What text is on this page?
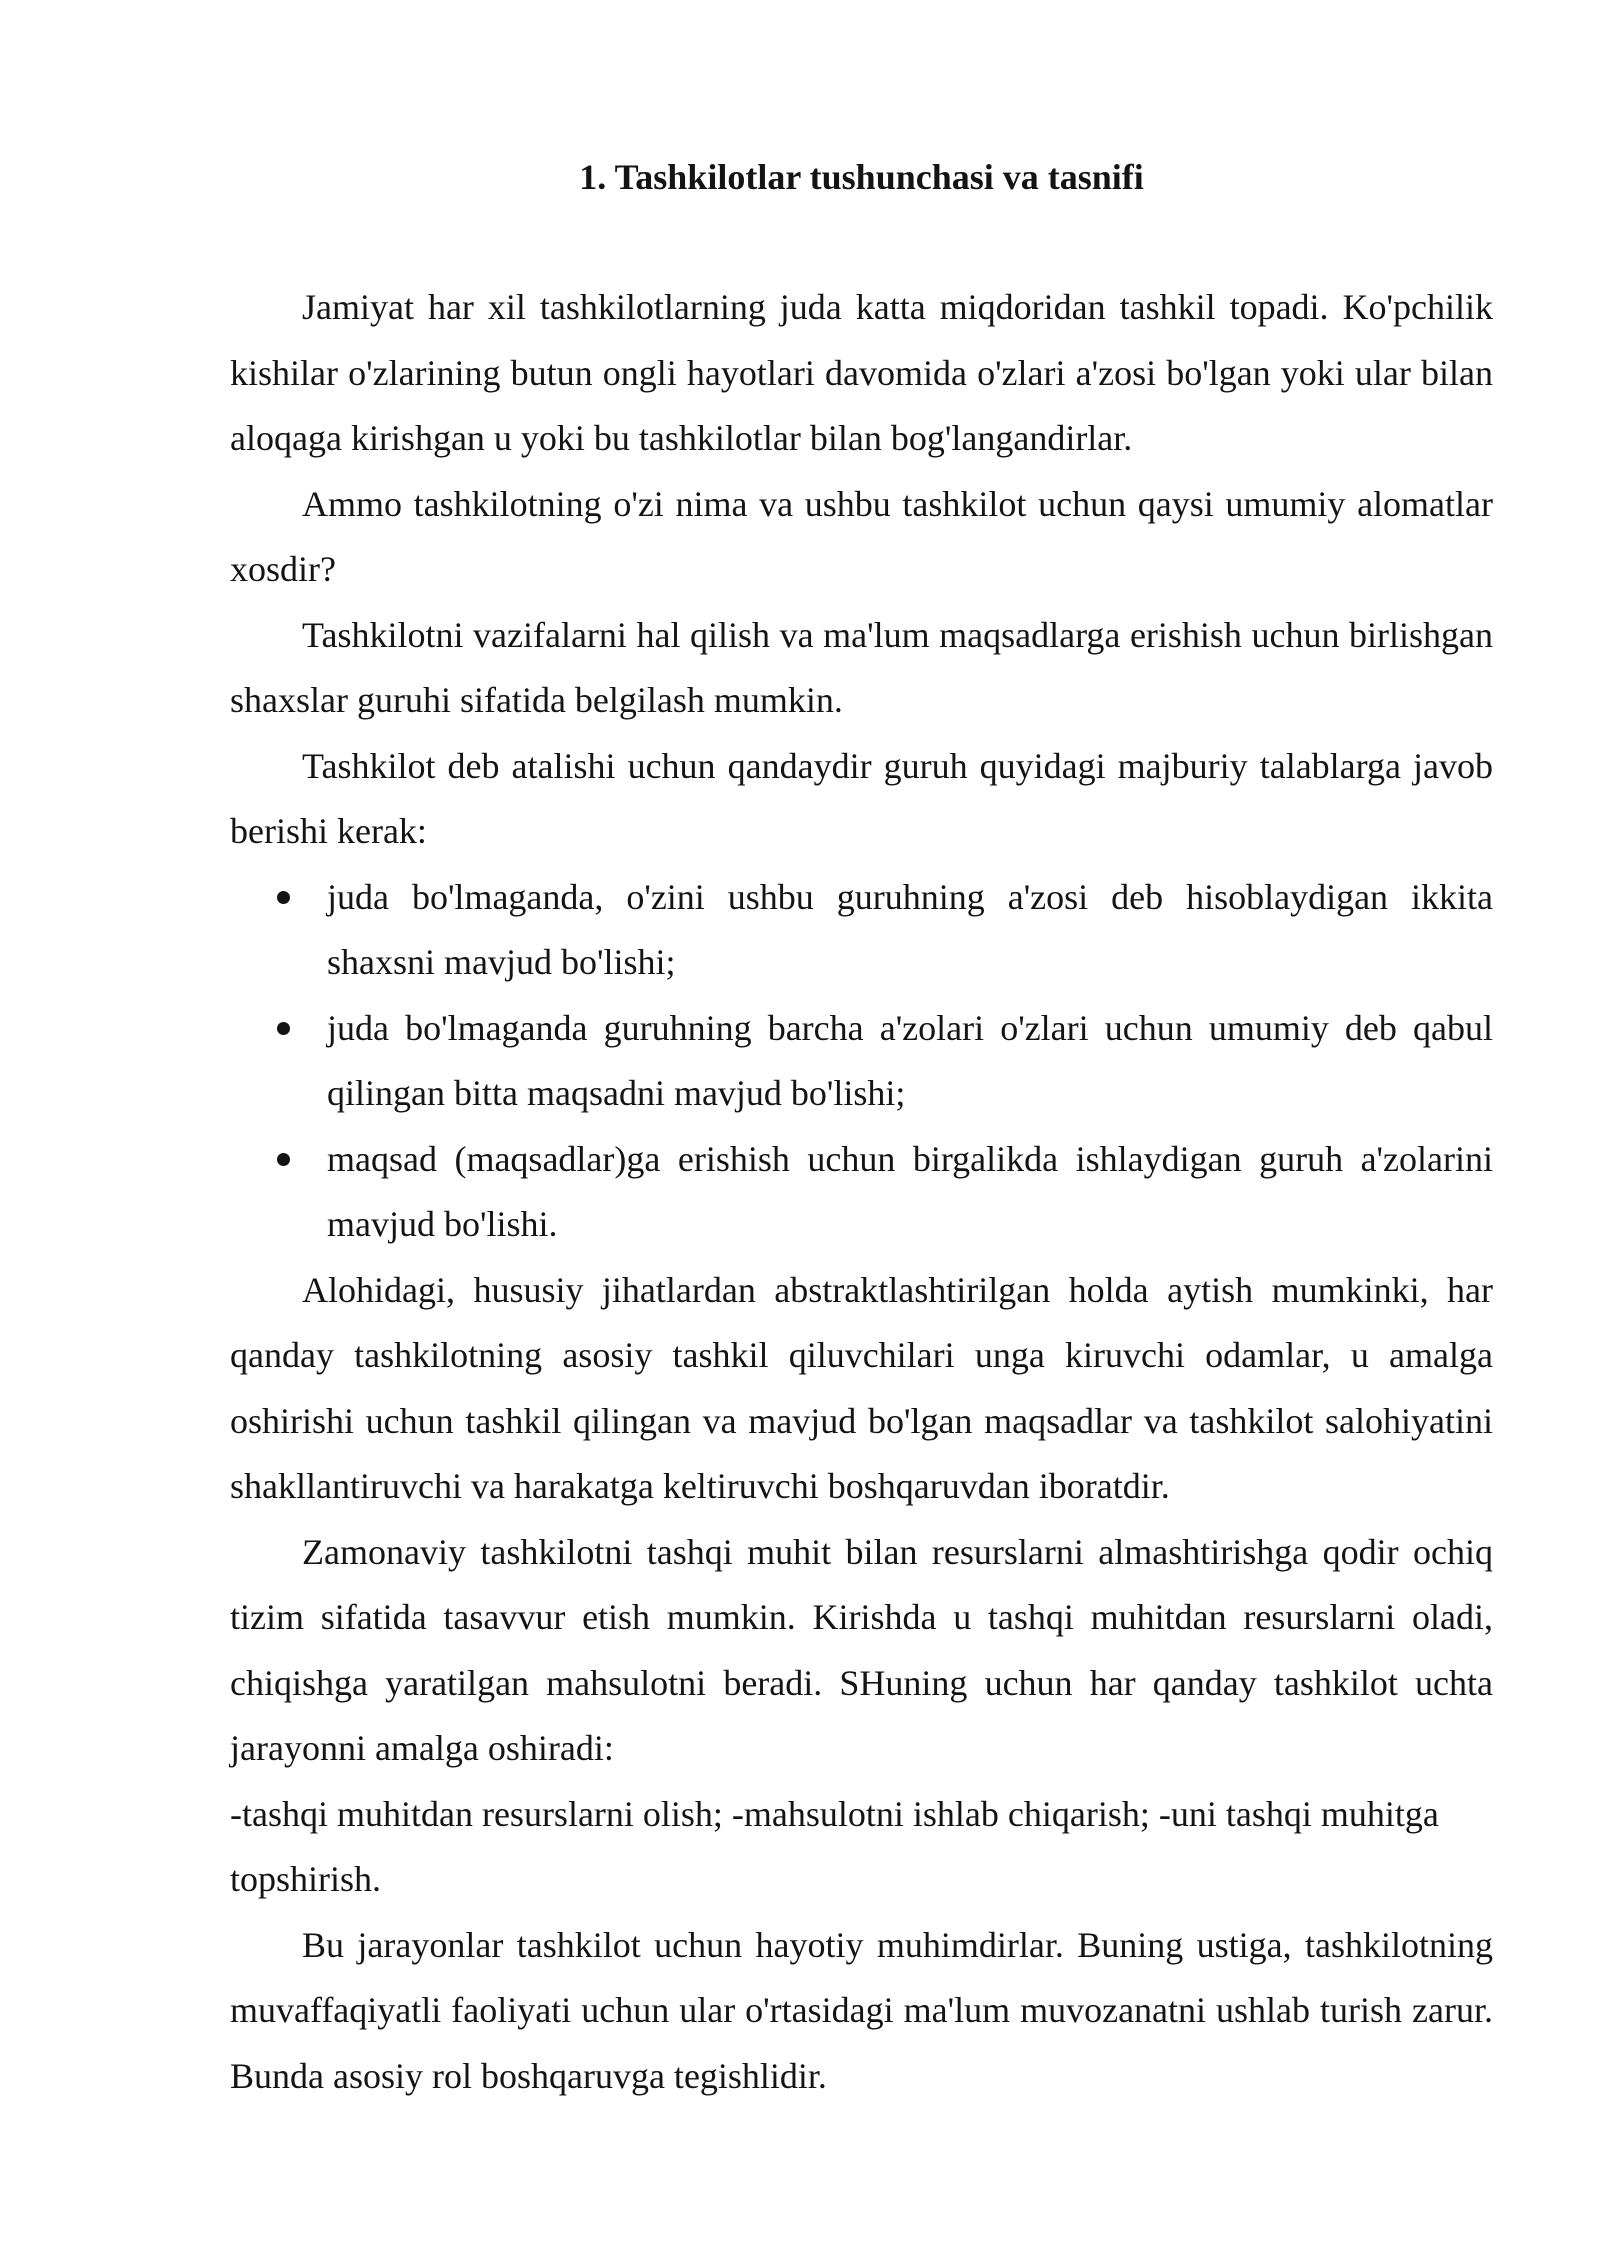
1. Tashkilotlar tushunchasi va tasnifi

Jamiyat har xil tashkilotlarning juda katta miqdoridan tashkil topadi. Ko'pchilik kishilar o'zlarining butun ongli hayotlari davomida o'zlari a'zosi bo'lgan yoki ular bilan aloqaga kirishgan u yoki bu tashkilotlar bilan bog'langandirlar.

Ammo tashkilotning o'zi nima va ushbu tashkilot uchun qaysi umumiy alomatlar xosdir?

Tashkilotni vazifalarni hal qilish va ma'lum maqsadlarga erishish uchun birlishgan shaxslar guruhi sifatida belgilash mumkin.

Tashkilot deb atalishi uchun qandaydir guruh quyidagi majburiy talablarga javob berishi kerak:

juda bo'lmaganda, o'zini ushbu guruhning a'zosi deb hisoblaydigan ikkita shaxsni mavjud bo'lishi;
juda bo'lmaganda guruhning barcha a'zolari o'zlari uchun umumiy deb qabul qilingan bitta maqsadni mavjud bo'lishi;
maqsad (maqsadlar)ga erishish uchun birgalikda ishlaydigan guruh a'zolarini mavjud bo'lishi.

Alohidagi, hususiy jihatlardan abstraktlashtirilgan holda aytish mumkinki, har qanday tashkilotning asosiy tashkil qiluvchilari unga kiruvchi odamlar, u amalga oshirishi uchun tashkil qilingan va mavjud bo'lgan maqsadlar va tashkilot salohiyatini shakllantiruvchi va harakatga keltiruvchi boshqaruvdan iboratdir.

Zamonaviy tashkilotni tashqi muhit bilan resurslarni almashtirishga qodir ochiq tizim sifatida tasavvur etish mumkin. Kirishda u tashqi muhitdan resurslarni oladi, chiqishga yaratilgan mahsulotni beradi. SHuning uchun har qanday tashkilot uchta jarayonni amalga oshiradi:

-tashqi muhitdan resurslarni olish; -mahsulotni ishlab chiqarish; -uni tashqi muhitga topshirish.

Bu jarayonlar tashkilot uchun hayotiy muhimdirlar. Buning ustiga, tashkilotning muvaffaqiyatli faoliyati uchun ular o'rtasidagi ma'lum muvozanatni ushlab turish zarur. Bunda asosiy rol boshqaruvga tegishlidir.
